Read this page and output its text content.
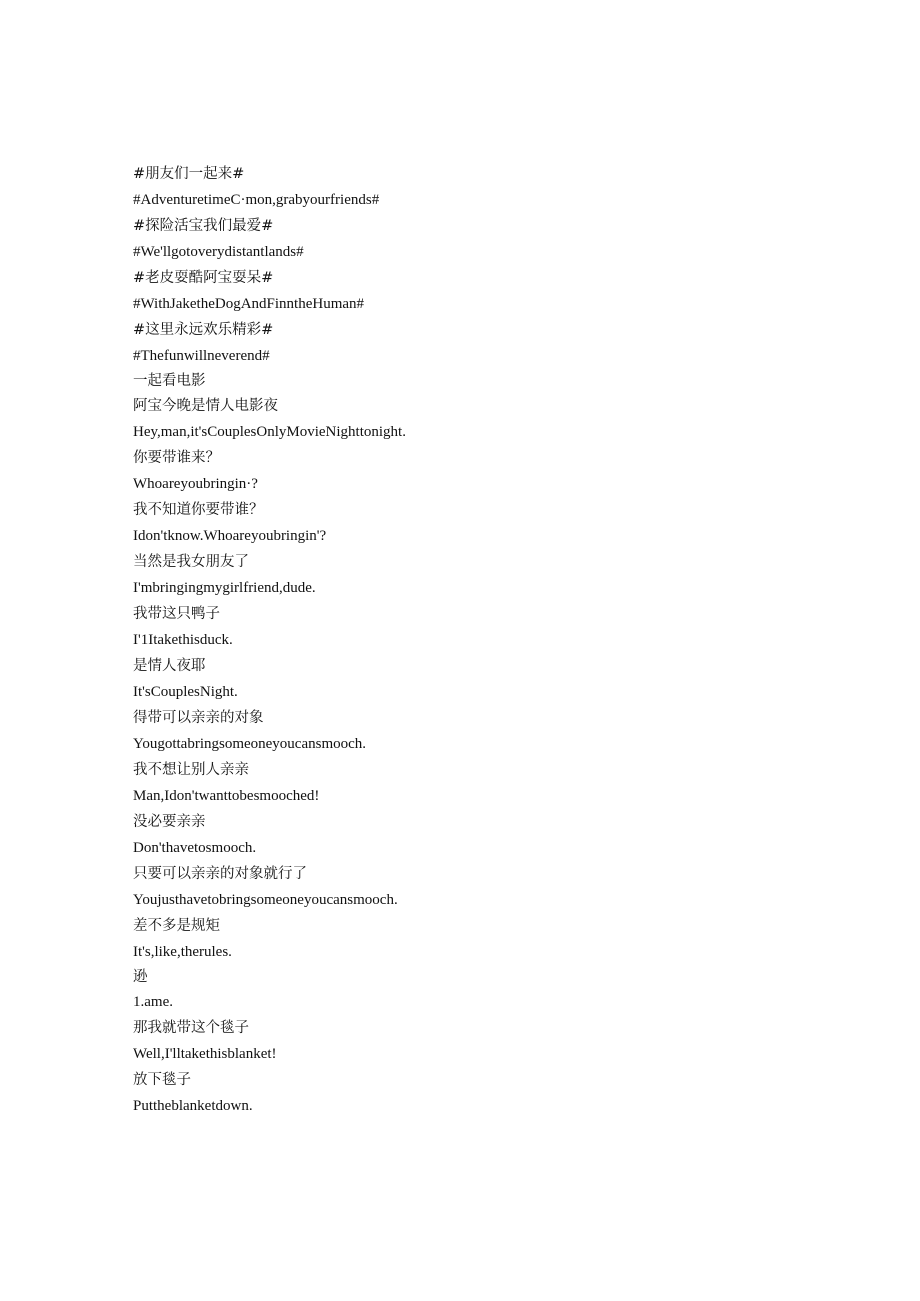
#朋友们一起来#
#AdventuretimeC·mon,grabyourfriends#
#探险活宝我们最爱#
#We'llgotoverydistantlands#
#老皮耍酷阿宝耍呆#
#WithJaketheDogAndFinntheHuman#
#这里永远欢乐精彩#
#Thefunwillneverend#
一起看电影
阿宝今晚是情人电影夜
Hey,man,it'sCouplesOnlyMovieNighttonight.
你要带谁来？
Whoareyoubringin·?
我不知道你要带谁？
Idon'tknow.Whoareyoubringin'?
当然是我女朋友了
I'mbringingmygirlfriend,dude.
我带这只鸭子
I'1Itakethisduck.
是情人夜耶
It'sCouplesNight.
得带可以亲亲的对象
Yougottabringsomeoneyoucansmooch.
我不想让别人亲亲
Man,Idon'twanttobesmooched!
没必要亲亲
Don'thavetosmooch.
只要可以亲亲的对象就行了
Youjusthavetobringsomeoneyoucansmooch.
差不多是规矩
It's,like,therules.
逊
1.ame.
那我就带这个毯子
Well,I'lltakethisblanket!
放下毯子
Puttheblanketdown.
